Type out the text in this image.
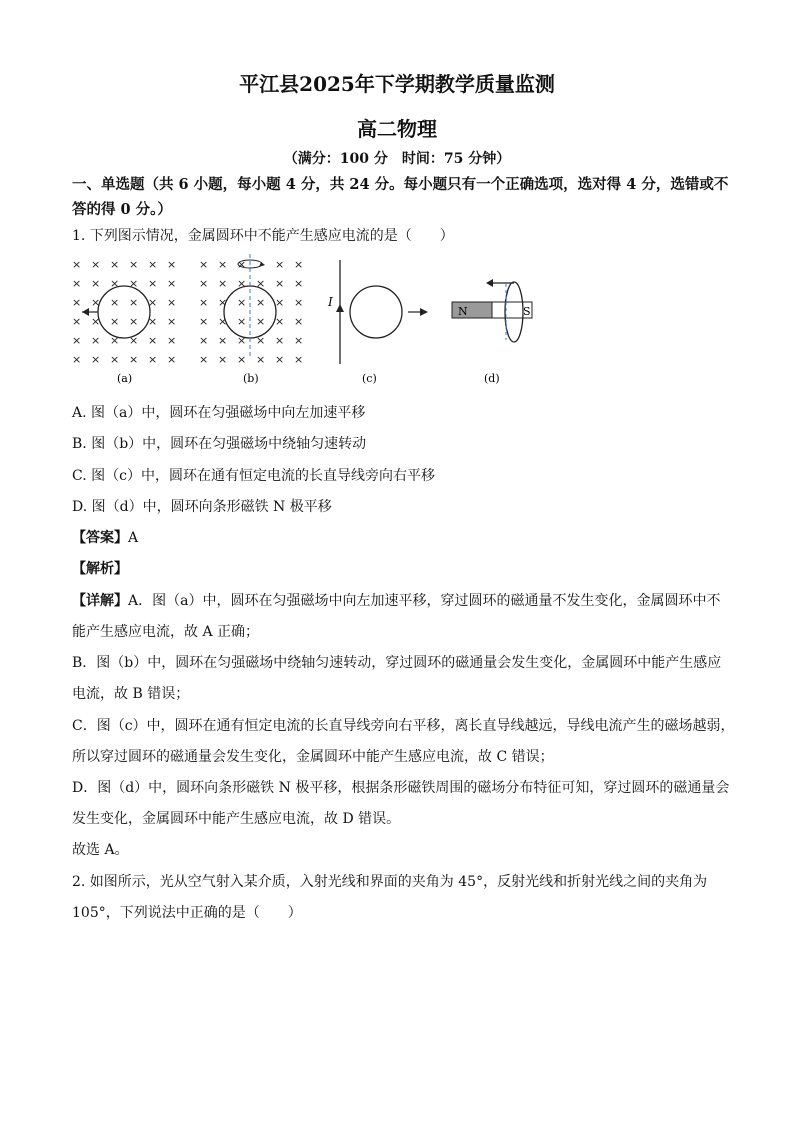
平江县2025年下学期教学质量监测
高二物理
（满分：100 分　时间：75 分钟）
一、单选题（共 6 小题，每小题 4 分，共 24 分。每小题只有一个正确选项，选对得 4 分，选错或不答的得 0 分。）
1. 下列图示情况，金属圆环中不能产生感应电流的是（　　）
× × × × × ×
× × × × × ×
× × × × × ×
× × × × × ×
× × × × × ×
× × × × × ×
(a)
× × ×	× ×
× × × × × ×
× × × × × ×
× × × × × ×
× × × × × ×
× × × × × ×
(b)
I
(c)
N	S
(d)
A. 图（a）中，圆环在匀强磁场中向左加速平移
B. 图（b）中，圆环在匀强磁场中绕轴匀速转动
C. 图（c）中，圆环在通有恒定电流的长直导线旁向右平移
D. 图（d）中，圆环向条形磁铁 N 极平移
【答案】A
【解析】
【详解】A．图（a）中，圆环在匀强磁场中向左加速平移，穿过圆环的磁通量不发生变化，金属圆环中不
能产生感应电流，故 A 正确；
B．图（b）中，圆环在匀强磁场中绕轴匀速转动，穿过圆环的磁通量会发生变化，金属圆环中能产生感应
电流，故 B 错误；
C．图（c）中，圆环在通有恒定电流的长直导线旁向右平移，离长直导线越远，导线电流产生的磁场越弱，
所以穿过圆环的磁通量会发生变化，金属圆环中能产生感应电流，故 C 错误；
D．图（d）中，圆环向条形磁铁 N 极平移，根据条形磁铁周围的磁场分布特征可知，穿过圆环的磁通量会
发生变化，金属圆环中能产生感应电流，故 D 错误。
故选 A。
2. 如图所示，光从空气射入某介质，入射光线和界面的夹角为 45°，反射光线和折射光线之间的夹角为
105°，下列说法中正确的是（　　）
